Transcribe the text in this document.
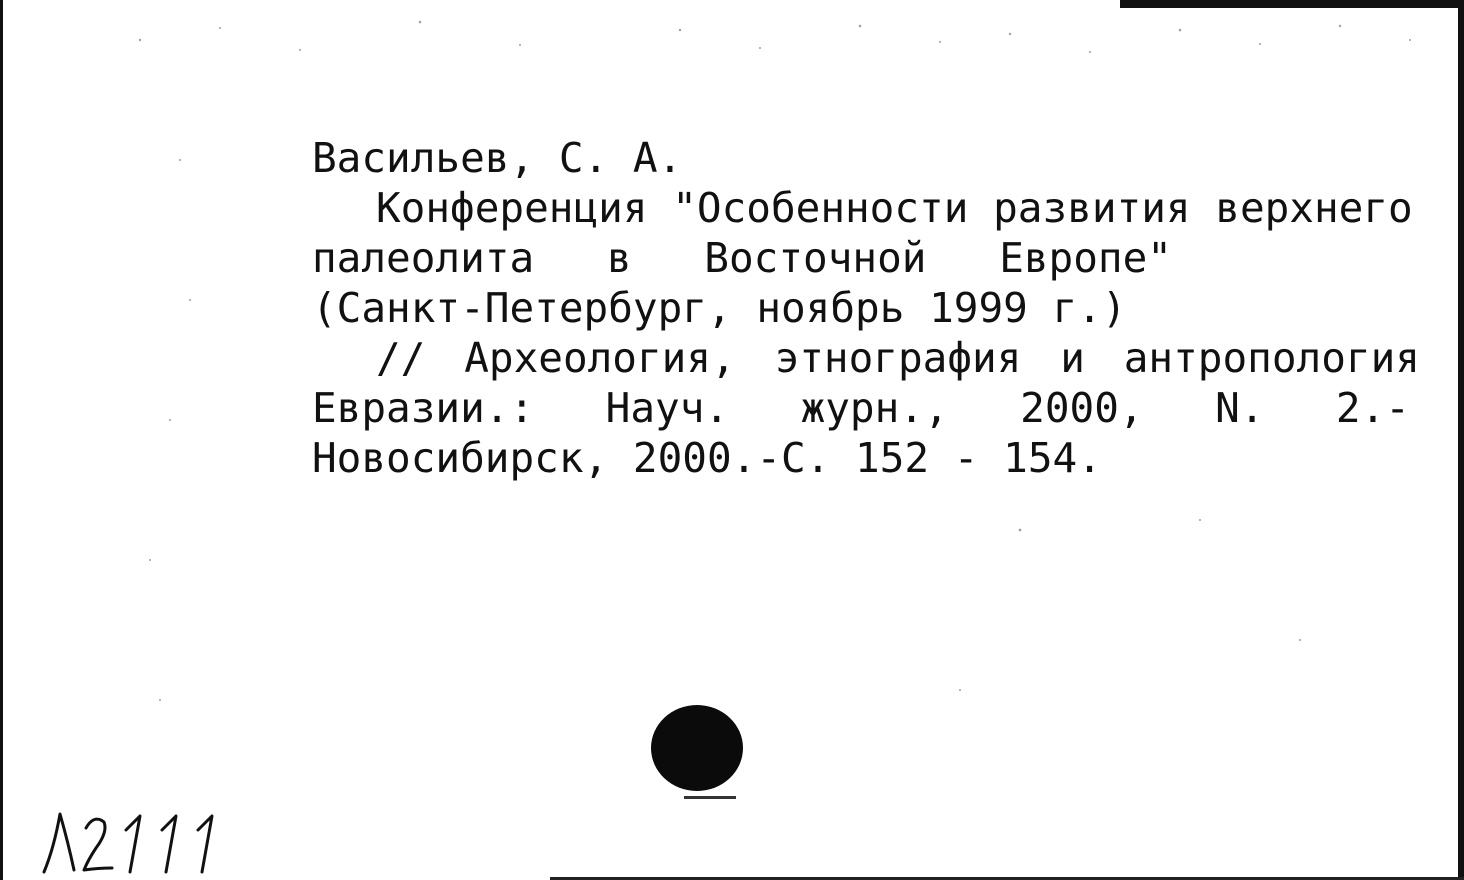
Васильев, С. А.

Конференция "Особенности развития верхнего

палеолита в Восточной Европе"

(Санкт-Петербург, ноябрь 1999 г.)

// Археология, этнография и антропология

Евразии.: Науч. журн., 2000, N. 2.-

Новосибирск, 2000.-С. 152 - 154.
